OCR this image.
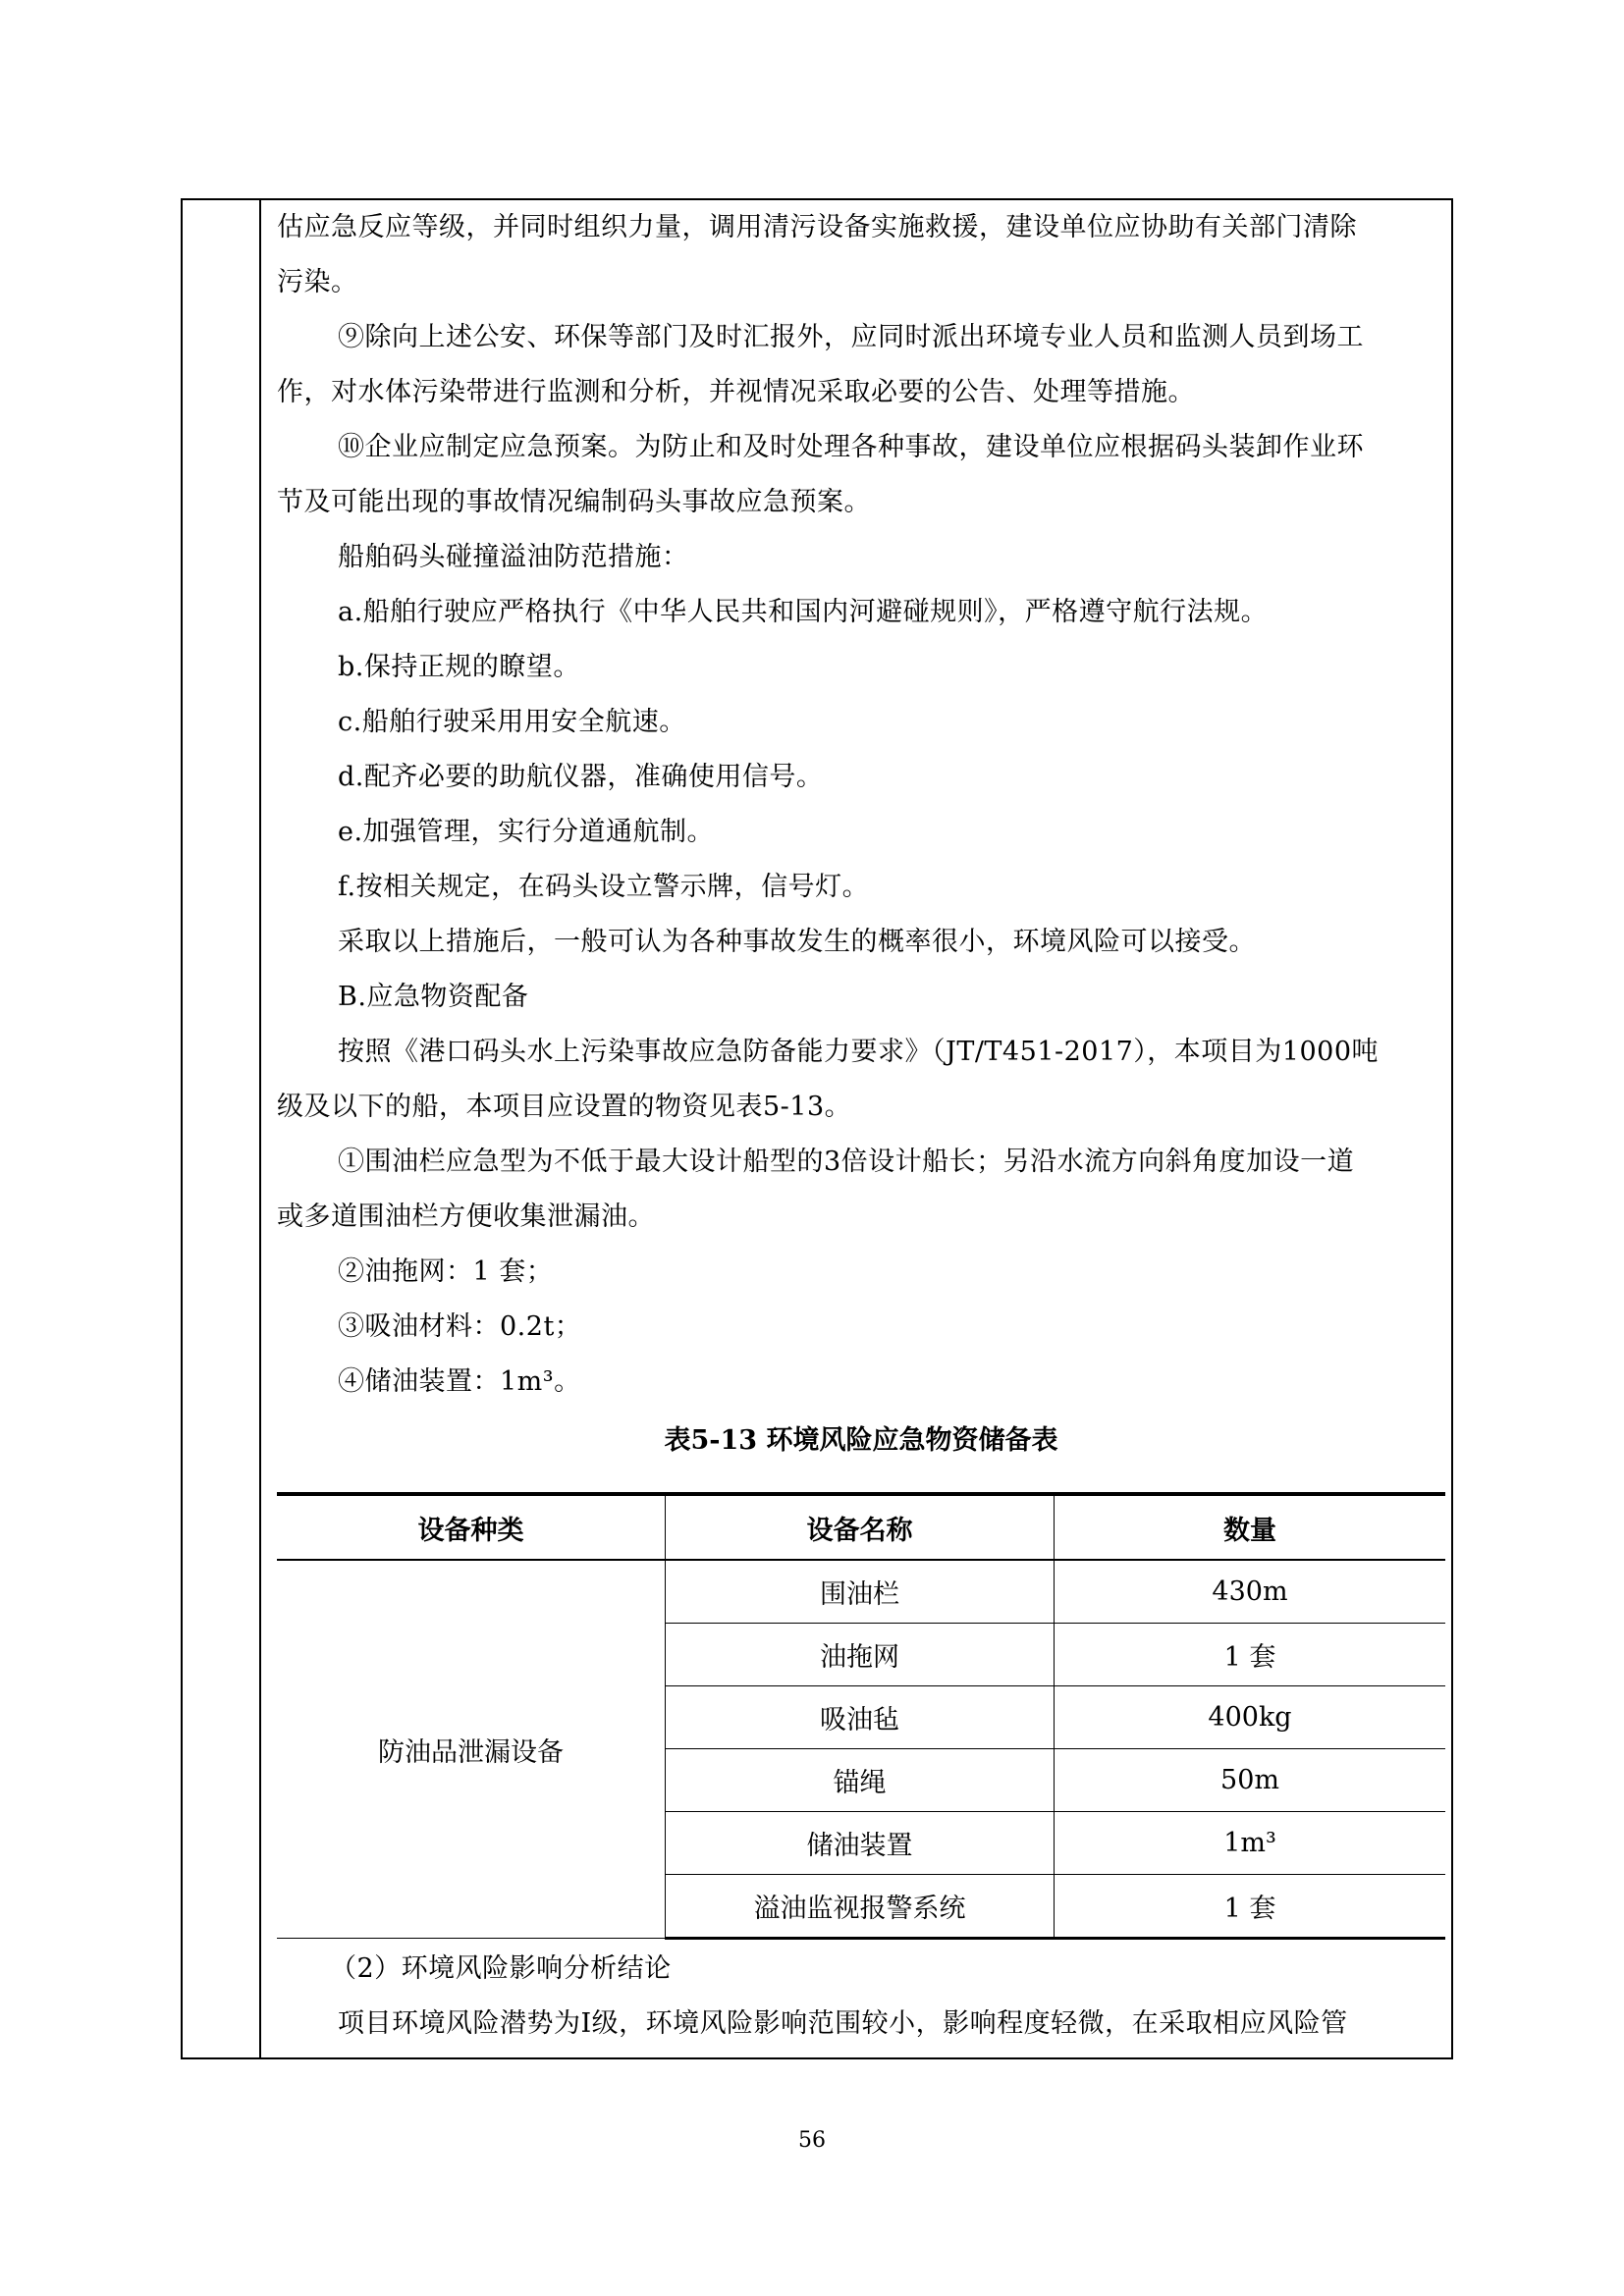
估应急反应等级，并同时组织力量，调用清污设备实施救援，建设单位应协助有关部门清除

污染。

⑨除向上述公安、环保等部门及时汇报外，应同时派出环境专业人员和监测人员到场工

作，对水体污染带进行监测和分析，并视情况采取必要的公告、处理等措施。

⑩企业应制定应急预案。为防止和及时处理各种事故，建设单位应根据码头装卸作业环

节及可能出现的事故情况编制码头事故应急预案。

船舶码头碰撞溢油防范措施：

a.船舶行驶应严格执行《中华人民共和国内河避碰规则》，严格遵守航行法规。

b.保持正规的瞭望。

c.船舶行驶采用用安全航速。

d.配齐必要的助航仪器，准确使用信号。

e.加强管理，实行分道通航制。

f.按相关规定，在码头设立警示牌，信号灯。

采取以上措施后，一般可认为各种事故发生的概率很小，环境风险可以接受。

B.应急物资配备

按照《港口码头水上污染事故应急防备能力要求》（JT/T451-2017），本项目为1000吨

级及以下的船，本项目应设置的物资见表5-13。

①围油栏应急型为不低于最大设计船型的3倍设计船长；另沿水流方向斜角度加设一道

或多道围油栏方便收集泄漏油。

②油拖网：1 套；

③吸油材料：0.2t；

④储油装置：1m³。

表5-13 环境风险应急物资储备表
设备种类	设备名称	数量
防油品泄漏设备	围油栏	430m
	油拖网	1 套
	吸油毡	400kg
	锚绳	50m
	储油装置	1m³
	溢油监视报警系统	1 套

（2）环境风险影响分析结论

项目环境风险潜势为Ⅰ级，环境风险影响范围较小，影响程度轻微，在采取相应风险管

56
